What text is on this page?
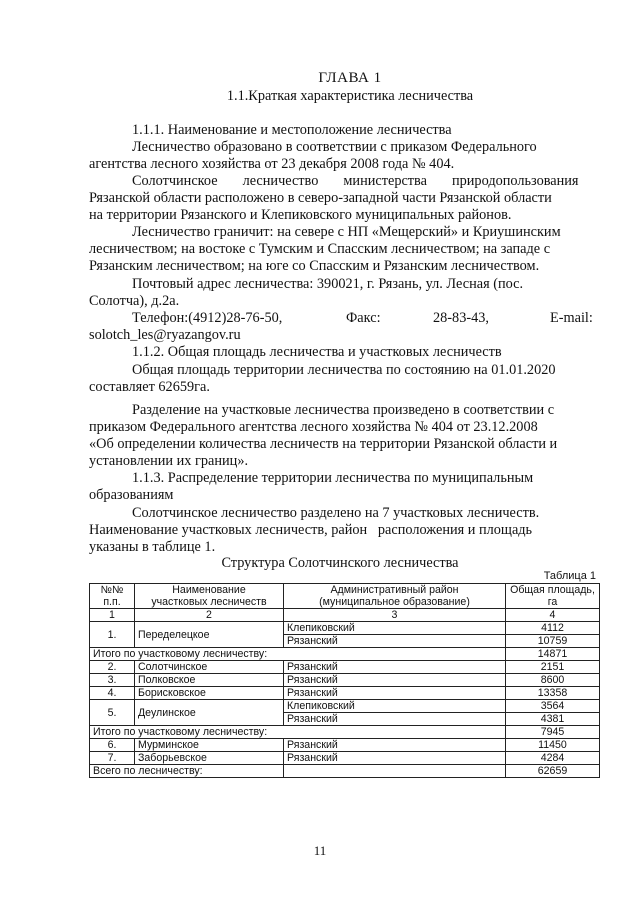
ГЛАВА 1
1.1.Краткая характеристика лесничества
1.1.1. Наименование и местоположение лесничества
Лесничество образовано в соответствии с приказом Федерального
агентства лесного хозяйства от 23 декабря 2008 года № 404.
Солотчинское       лесничество       министерства       природопользования
Рязанской области расположено в северо-западной части Рязанской области
на территории Рязанского и Клепиковского муниципальных районов.
Лесничество граничит: на севере с НП «Мещерский» и Криушинским
лесничеством; на востоке с Тумским и Спасским лесничеством; на западе с
Рязанским лесничеством; на юге со Спасским и Рязанским лесничеством.
Почтовый адрес лесничества: 390021, г. Рязань, ул. Лесная (пос.
Солотча), д.2а.
Телефон:(4912)28-76-50,	Факс:	28-83-43,	E-mail:
solotch_les@ryazangov.ru
1.1.2. Общая площадь лесничества и участковых лесничеств
Общая площадь территории лесничества по состоянию на 01.01.2020
составляет 62659га.
Разделение на участковые лесничества произведено в соответствии с
приказом Федерального агентства лесного хозяйства № 404 от 23.12.2008
«Об определении количества лесничеств на территории Рязанской области и
установлении их границ».
1.1.3. Распределение территории лесничества по муниципальным
образованиям
Солотчинское лесничество разделено на 7 участковых лесничеств.
Наименование участковых лесничеств, район   расположения и площадь
указаны в таблице 1.
Структура Солотчинского лесничества
Таблица 1
№№
п.п.	Наименование
участковых лесничеств	Административный район
(муниципальное образование)	Общая площадь,
га
1	2	3	4
1.	Переделецкое	Клепиковский	4112
		Рязанский	10759
Итого по участковому лесничеству:			14871
2.	Солотчинское	Рязанский	2151
3.	Полковское	Рязанский	8600
4.	Борисковское	Рязанский	13358
5.	Деулинское	Клепиковский	3564
		Рязанский	4381
Итого по участковому лесничеству:			7945
6.	Мурминское	Рязанский	11450
7.	Заборьевское	Рязанский	4284
Всего по лесничеству:			62659
11
